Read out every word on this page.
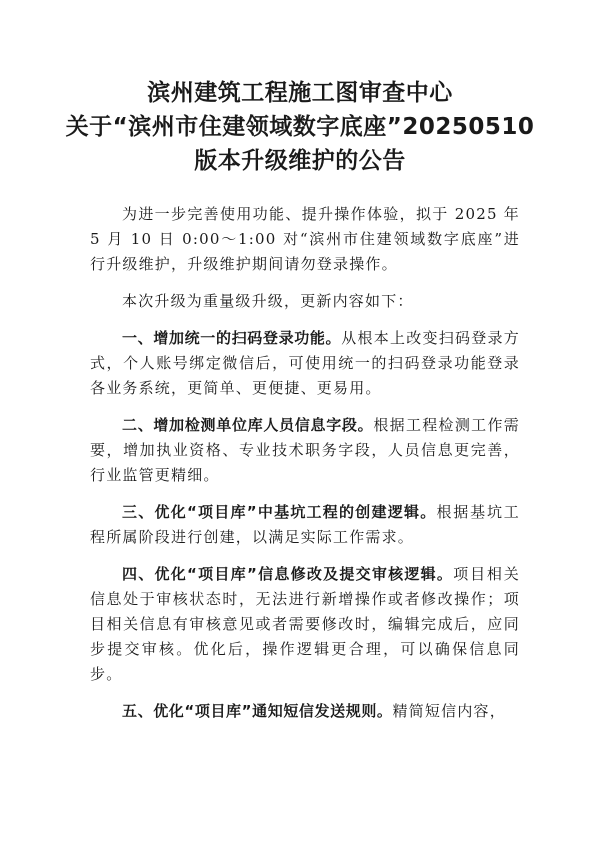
滨州建筑工程施工图审查中心
关于“滨州市住建领域数字底座”20250510
版本升级维护的公告

为进一步完善使用功能、提升操作体验，拟于 2025 年 5 月 10 日 0:00～1:00 对“滨州市住建领域数字底座”进行升级维护，升级维护期间请勿登录操作。

本次升级为重量级升级，更新内容如下：

一、增加统一的扫码登录功能。从根本上改变扫码登录方式，个人账号绑定微信后，可使用统一的扫码登录功能登录各业务系统，更简单、更便捷、更易用。

二、增加检测单位库人员信息字段。根据工程检测工作需要，增加执业资格、专业技术职务字段，人员信息更完善，行业监管更精细。

三、优化“项目库”中基坑工程的创建逻辑。根据基坑工程所属阶段进行创建，以满足实际工作需求。

四、优化“项目库”信息修改及提交审核逻辑。项目相关信息处于审核状态时，无法进行新增操作或者修改操作；项目相关信息有审核意见或者需要修改时，编辑完成后，应同步提交审核。优化后，操作逻辑更合理，可以确保信息同步。

五、优化“项目库”通知短信发送规则。精简短信内容，
